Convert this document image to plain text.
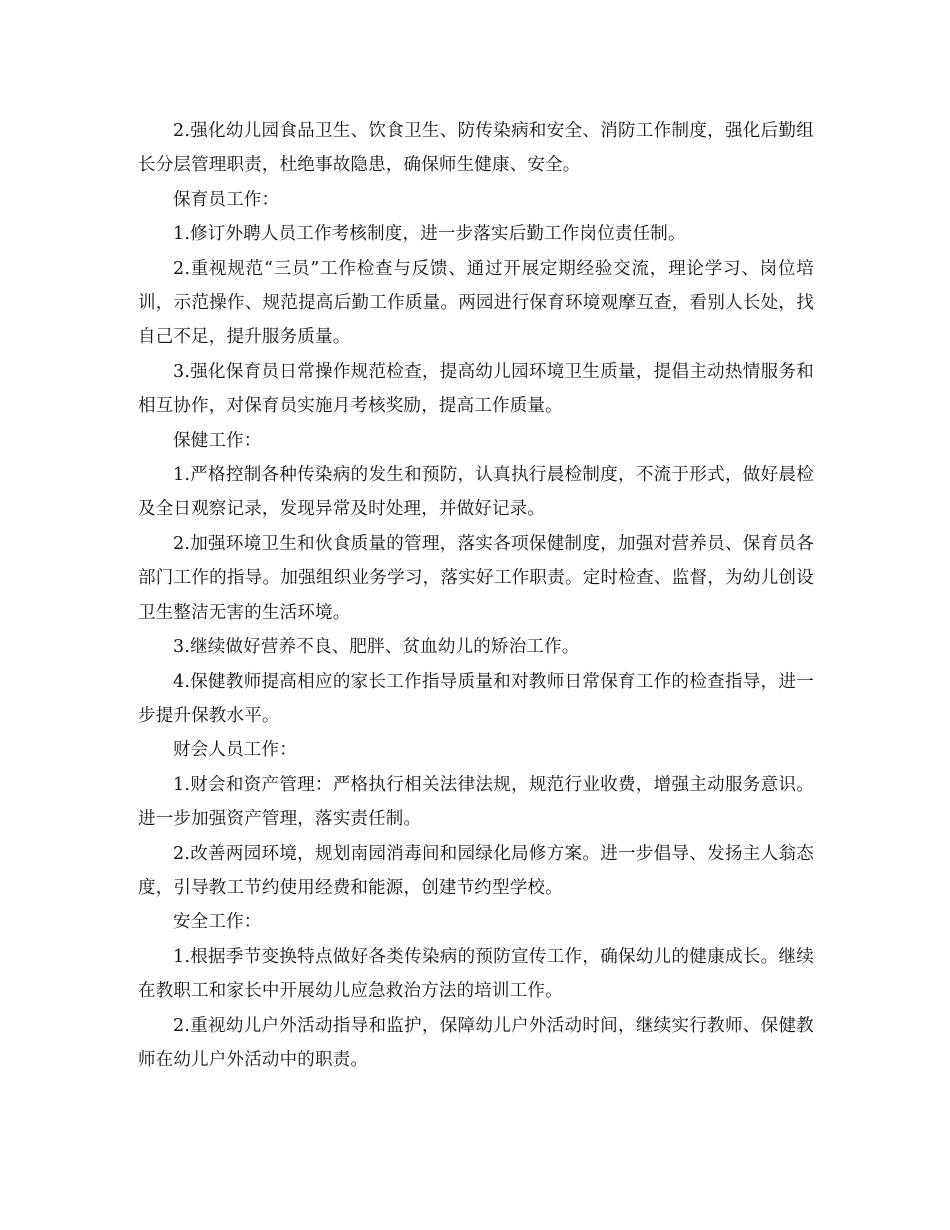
2.强化幼儿园食品卫生、饮食卫生、防传染病和安全、消防工作制度，强化后勤组长分层管理职责，杜绝事故隐患，确保师生健康、安全。

保育员工作：

1.修订外聘人员工作考核制度，进一步落实后勤工作岗位责任制。

2.重视规范“三员”工作检查与反馈、通过开展定期经验交流，理论学习、岗位培训，示范操作、规范提高后勤工作质量。两园进行保育环境观摩互查，看别人长处，找自己不足，提升服务质量。

3.强化保育员日常操作规范检查，提高幼儿园环境卫生质量，提倡主动热情服务和相互协作，对保育员实施月考核奖励，提高工作质量。

保健工作：

1.严格控制各种传染病的发生和预防，认真执行晨检制度，不流于形式，做好晨检及全日观察记录，发现异常及时处理，并做好记录。

2.加强环境卫生和伙食质量的管理，落实各项保健制度，加强对营养员、保育员各部门工作的指导。加强组织业务学习，落实好工作职责。定时检查、监督，为幼儿创设卫生整洁无害的生活环境。

3.继续做好营养不良、肥胖、贫血幼儿的矫治工作。

4.保健教师提高相应的家长工作指导质量和对教师日常保育工作的检查指导，进一步提升保教水平。

财会人员工作：

1.财会和资产管理：严格执行相关法律法规，规范行业收费，增强主动服务意识。进一步加强资产管理，落实责任制。

2.改善两园环境，规划南园消毒间和园绿化局修方案。进一步倡导、发扬主人翁态度，引导教工节约使用经费和能源，创建节约型学校。

安全工作：

1.根据季节变换特点做好各类传染病的预防宣传工作，确保幼儿的健康成长。继续在教职工和家长中开展幼儿应急救治方法的培训工作。

2.重视幼儿户外活动指导和监护，保障幼儿户外活动时间，继续实行教师、保健教师在幼儿户外活动中的职责。
